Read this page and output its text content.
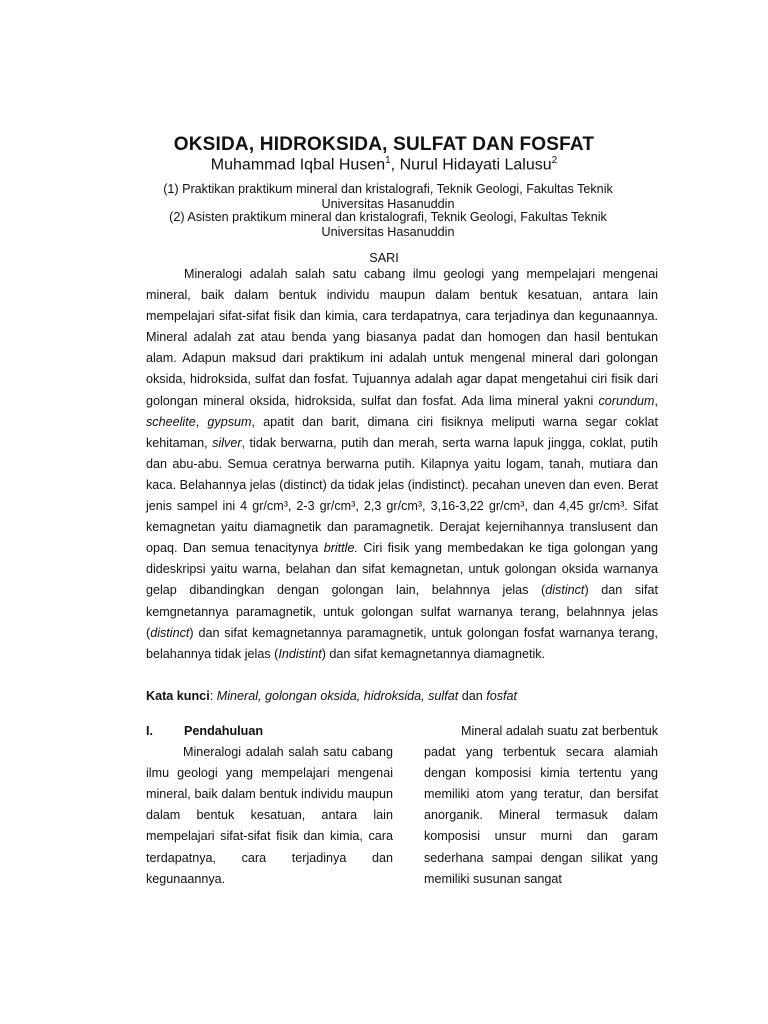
OKSIDA, HIDROKSIDA, SULFAT DAN FOSFAT
Muhammad Iqbal Husen$^1$, Nurul Hidayati Lalusu$^2$
(1) Praktikan praktikum mineral dan kristalografi, Teknik Geologi, Fakultas Teknik Universitas Hasanuddin
(2) Asisten praktikum mineral dan kristalografi, Teknik Geologi, Fakultas Teknik Universitas Hasanuddin
SARI

Mineralogi adalah salah satu cabang ilmu geologi yang mempelajari mengenai mineral, baik dalam bentuk individu maupun dalam bentuk kesatuan, antara lain mempelajari sifat-sifat fisik dan kimia, cara terdapatnya, cara terjadinya dan kegunaannya. Mineral adalah zat atau benda yang biasanya padat dan homogen dan hasil bentukan alam. Adapun maksud dari praktikum ini adalah untuk mengenal mineral dari golongan oksida, hidroksida, sulfat dan fosfat. Tujuannya adalah agar dapat mengetahui ciri fisik dari golongan mineral oksida, hidroksida, sulfat dan fosfat. Ada lima mineral yakni corundum, scheelite, gypsum, apatit dan barit, dimana ciri fisiknya meliputi warna segar coklat kehitaman, silver, tidak berwarna, putih dan merah, serta warna lapuk jingga, coklat, putih dan abu-abu. Semua ceratnya berwarna putih. Kilapnya yaitu logam, tanah, mutiara dan kaca. Belahannya jelas (distinct) da tidak jelas (indistinct). pecahan uneven dan even. Berat jenis sampel ini 4 gr/cm³, 2-3 gr/cm³, 2,3 gr/cm³, 3,16-3,22 gr/cm³, dan 4,45 gr/cm³. Sifat kemagnetan yaitu diamagnetik dan paramagnetik. Derajat kejernihannya translusent dan opaq. Dan semua tenacitynya brittle. Ciri fisik yang membedakan ke tiga golongan yang dideskripsi yaitu warna, belahan dan sifat kemagnetan, untuk golongan oksida warnanya gelap dibandingkan dengan golongan lain, belahnnya jelas (distinct) dan sifat kemgnetannya paramagnetik, untuk golongan sulfat warnanya terang, belahnnya jelas (distinct) dan sifat kemagnetannya paramagnetik, untuk golongan fosfat warnanya terang, belahannya tidak jelas (Indistint) dan sifat kemagnetannya diamagnetik.

Kata kunci: Mineral, golongan oksida, hidroksida, sulfat dan fosfat
I.	Pendahuluan

Mineralogi adalah salah satu cabang ilmu geologi yang mempelajari mengenai mineral, baik dalam bentuk individu maupun dalam bentuk kesatuan, antara lain mempelajari sifat-sifat fisik dan kimia, cara terdapatnya, cara terjadinya dan kegunaannya.

Mineral adalah suatu zat berbentuk padat yang terbentuk secara alamiah dengan komposisi kimia tertentu yang memiliki atom yang teratur, dan bersifat anorganik. Mineral termasuk dalam komposisi unsur murni dan garam sederhana sampai dengan silikat yang memiliki susunan sangat
